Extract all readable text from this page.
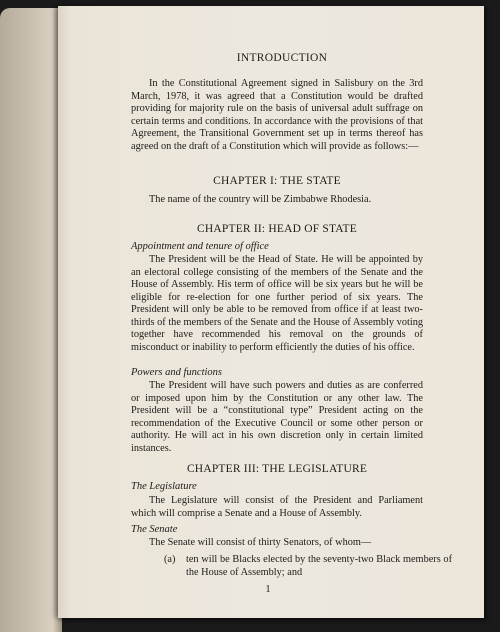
INTRODUCTION
In the Constitutional Agreement signed in Salisbury on the 3rd March, 1978, it was agreed that a Constitution would be drafted providing for majority rule on the basis of universal adult suffrage on certain terms and conditions. In accordance with the provisions of that Agreement, the Transitional Government set up in terms thereof has agreed on the draft of a Constitution which will provide as follows:—
CHAPTER I: THE STATE
The name of the country will be Zimbabwe Rhodesia.
CHAPTER II: HEAD OF STATE
Appointment and tenure of office
The President will be the Head of State. He will be appointed by an electoral college consisting of the members of the Senate and the House of Assembly. His term of office will be six years but he will be eligible for re-election for one further period of six years. The President will only be able to be removed from office if at least two-thirds of the members of the Senate and the House of Assembly voting together have recommended his removal on the grounds of misconduct or inability to perform efficiently the duties of his office.
Powers and functions
The President will have such powers and duties as are conferred or imposed upon him by the Constitution or any other law. The President will be a “constitutional type” President acting on the recommendation of the Executive Council or some other person or authority. He will act in his own discretion only in certain limited instances.
CHAPTER III: THE LEGISLATURE
The Legislature
The Legislature will consist of the President and Parliament which will comprise a Senate and a House of Assembly.
The Senate
The Senate will consist of thirty Senators, of whom—
(a) ten will be Blacks elected by the seventy-two Black members of the House of Assembly; and
1
